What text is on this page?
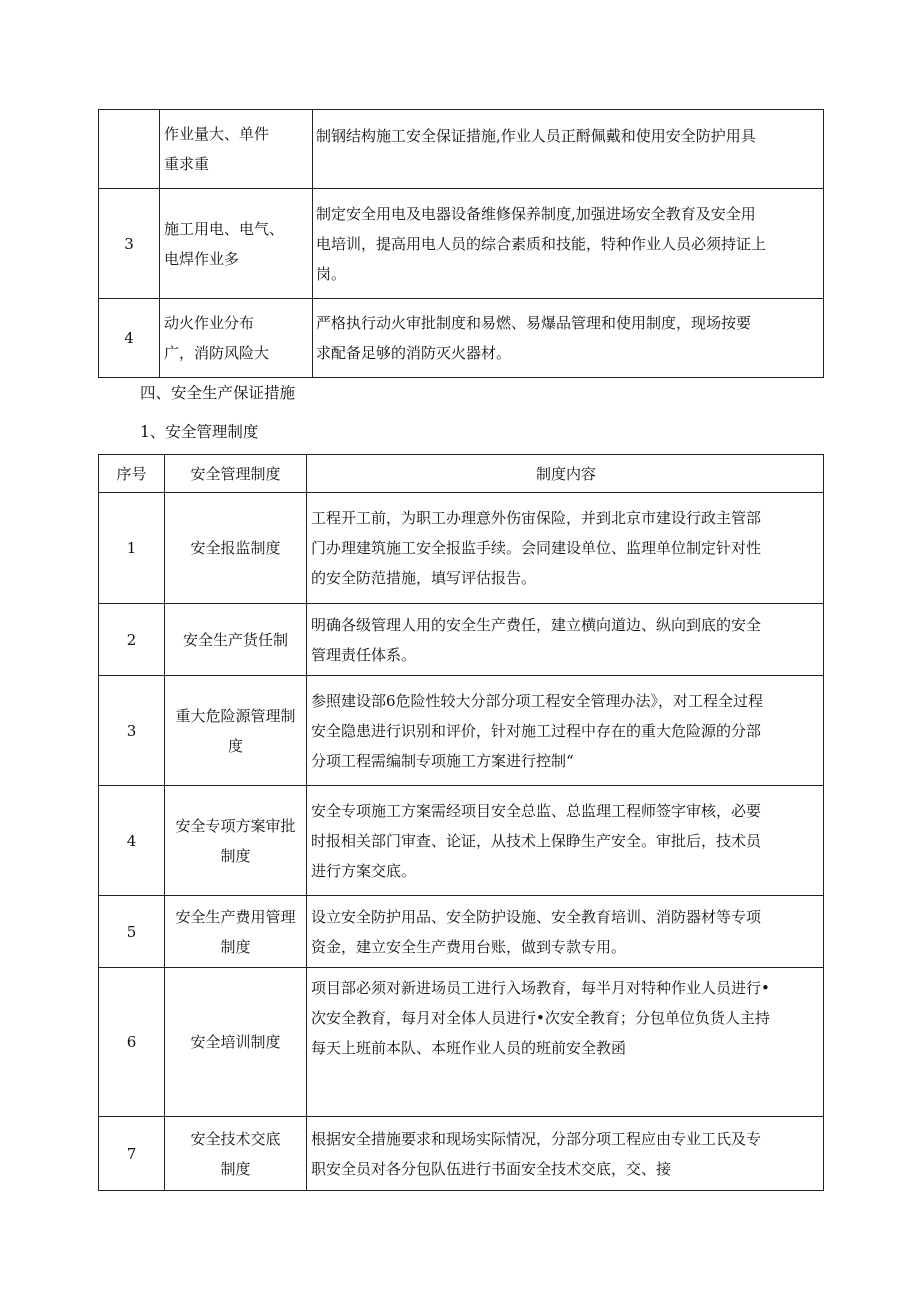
	作业量大、单件
重求重	制钢结构施工安全保证措施,作业人员正酹佩戴和使用安全防护用具

3	施工用电、电气、
电焊作业多	制定安全用电及电器设备维修保养制度,加强进场安全教育及安全用
电培训，提高用电人员的综合素质和技能，特种作业人员必须持证上
岗。

4	动火作业分布
广，消防风险大	严格执行动火审批制度和易燃、易爆品管理和使用制度，现场按要
求配备足够的消防灭火器材。
四、安全生产保证措施
1、安全管理制度
序号	安全管理制度	制度内容
1	安全报监制度	工程开工前，为职工办理意外伤宙保险，并到北京市建设行政主管部
门办理建筑施工安全报监手续。会同建设单位、监理单位制定针对性
的安全防范措施，填写评估报告。

2	安全生产货任制	明确各级管理人用的安全生产费任，建立横向道边、纵向到底的安全
管理责任体系。

3	重大危险源管理制
度	参照建设部6危险性较大分部分项工程安全管理办法》，对工程全过程
安全隐患进行识别和评价，针对施工过程中存在的重大危险源的分部
分项工程需编制专项施工方案进行控制“

4	安全专项方案审批
制度	安全专项施工方案需经项目安全总监、总监理工程师签字审核，必要
时报相关部门审查、论证，从技术上保睁生产安全。审批后，技术员
进行方案交底。

5	安全生产费用管理
制度	设立安全防护用品、安全防护设施、安全教育培训、消防器材等专项
资金，建立安全生产费用台账，做到专款专用。

6	安全培训制度	项目部必须对新进场员工进行入场教育，每半月对特种作业人员进行•
次安全教育，每月对全体人员进行•次安全教育；分包单位负货人主持
每天上班前本队、本班作业人员的班前安全教函

7	安全技术交底
制度	根据安全措施要求和现场实际情况，分部分项工程应由专业工氏及专
职安全员对各分包队伍进行书面安全技术交底，交、接
